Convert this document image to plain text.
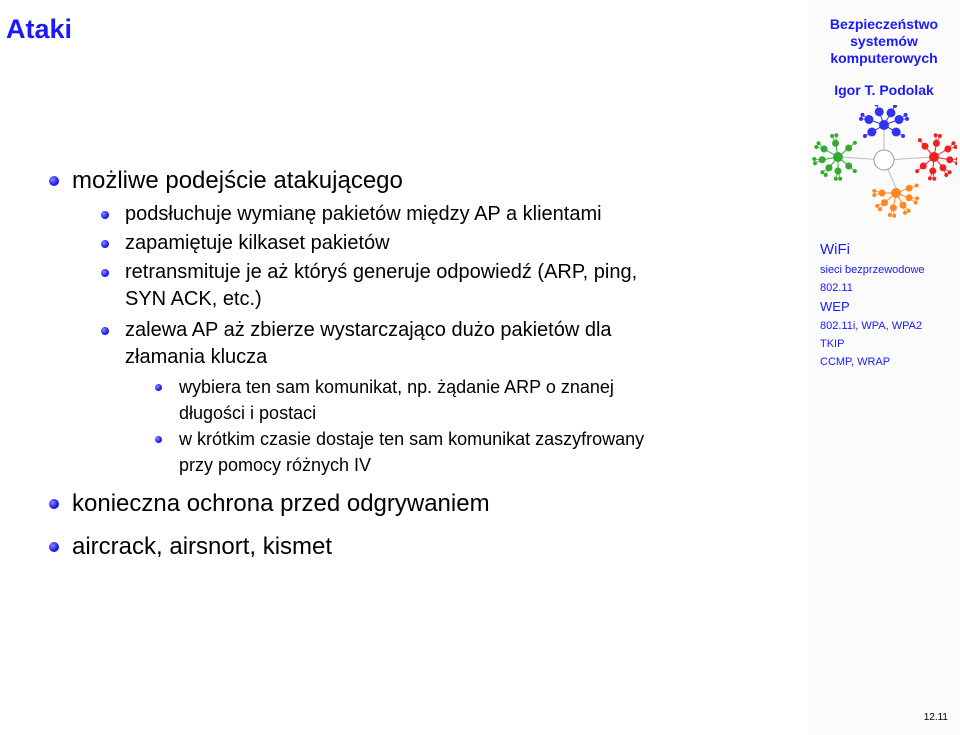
Ataki	Bezpieczeństwo
systemów
komputerowych
Igor T. Podolak
WiFi
sieci bezprzewodowe
802.11
WEP
802.11i, WPA, WPA2
TKIP
CCMP, WRAP
12.11
możliwe podejście atakującego
podsłuchuje wymianę pakietów między AP a klientami
zapamiętuje kilkaset pakietów
retransmituje je aż któryś generuje odpowiedź (ARP, ping,
SYN ACK, etc.)
zalewa AP aż zbierze wystarczająco dużo pakietów dla
złamania klucza
wybiera ten sam komunikat, np. żądanie ARP o znanej
długości i postaci
w krótkim czasie dostaje ten sam komunikat zaszyfrowany
przy pomocy różnych IV
konieczna ochrona przed odgrywaniem
aircrack, airsnort, kismet
